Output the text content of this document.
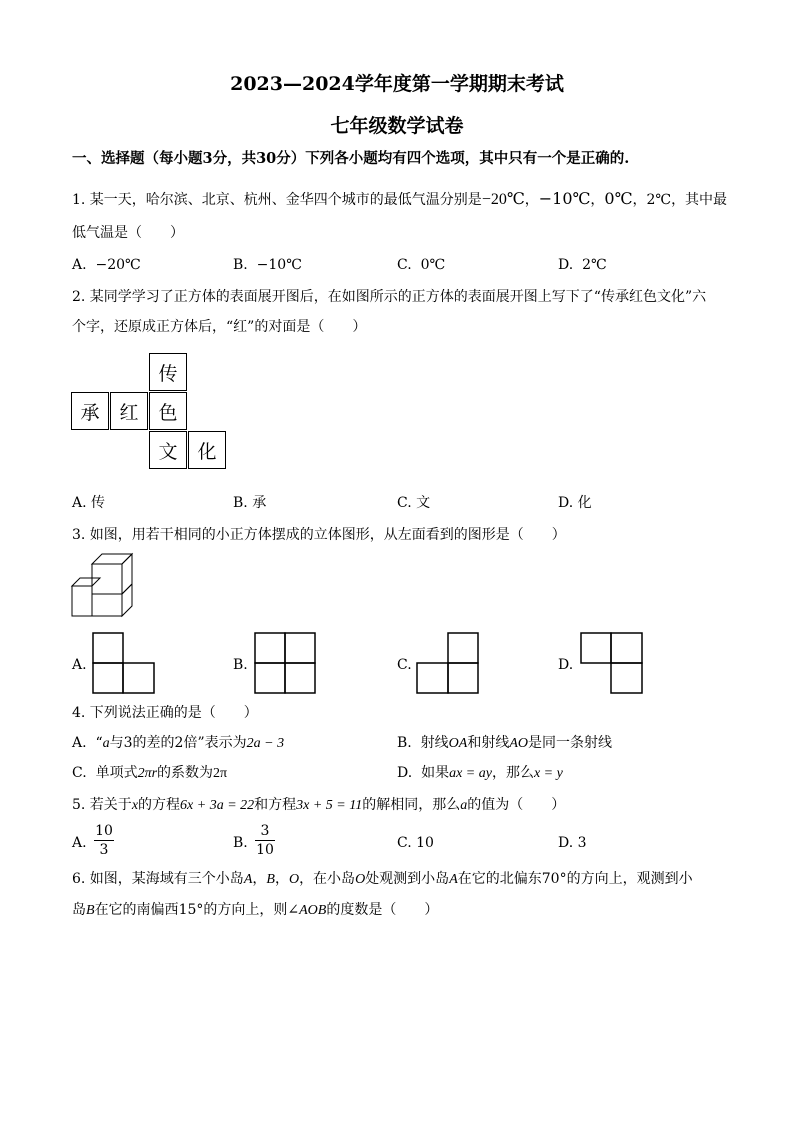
2023—2024学年度第一学期期末考试
七年级数学试卷
一、选择题（每小题3分，共30分）下列各小题均有四个选项，其中只有一个是正确的.
1. 某一天，哈尔滨、北京、杭州、金华四个城市的最低气温分别是−20℃，−10℃，0℃，2℃，其中最
低气温是（　　）
A. −20℃	B. −10℃	C. 0℃	D. 2℃
2. 某同学学习了正方体的表面展开图后，在如图所示的正方体的表面展开图上写下了“传承红色文化”六
个字，还原成正方体后，“红”的对面是（　　）
传
承	红	色
文	化
A. 传	B. 承	C. 文	D. 化
3. 如图，用若干相同的小正方体摆成的立体图形，从左面看到的图形是（　　）
A.	B.	C.	D.
4. 下列说法正确的是（　　）
A. “a与3的差的2倍”表示为2a − 3	B. 射线OA和射线AO是同一条射线
C. 单项式2πr的系数为2π	D. 如果ax = ay，那么x = y
5. 若关于x的方程6x + 3a = 22和方程3x + 5 = 11的解相同，那么a的值为（　　）
A.
10
3	B.
3
10	C. 10	D. 3
6. 如图，某海域有三个小岛A，B，O，在小岛O处观测到小岛A在它的北偏东70°的方向上，观测到小
岛B在它的南偏西15°的方向上，则∠AOB的度数是（　　）
